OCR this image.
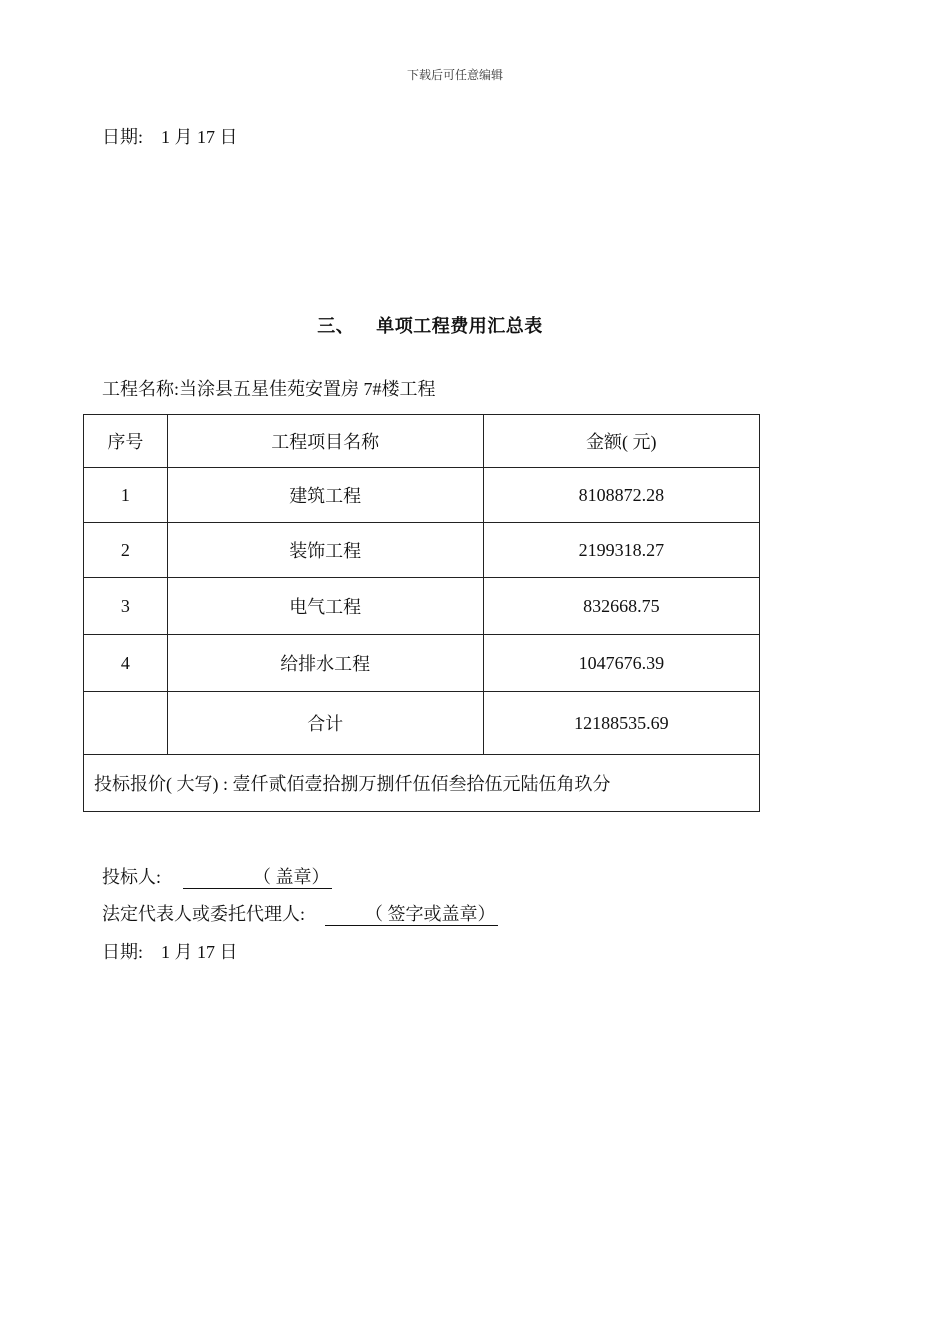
下载后可任意编辑
日期: 1 月 17 日
三、 单项工程费用汇总表
工程名称:当涂县五星佳苑安置房 7#楼工程
序号	工程项目名称	金额( 元)
1	建筑工程	8108872.28
2	装饰工程	2199318.27
3	电气工程	832668.75
4	给排水工程	1047676.39
	合计	12188535.69
投标报价( 大写) : 壹仟贰佰壹拾捌万捌仟伍佰叁拾伍元陆伍角玖分		
投标人:	（ 盖章）
法定代表人或委托代理人:	（ 签字或盖章）
日期: 1 月 17 日
